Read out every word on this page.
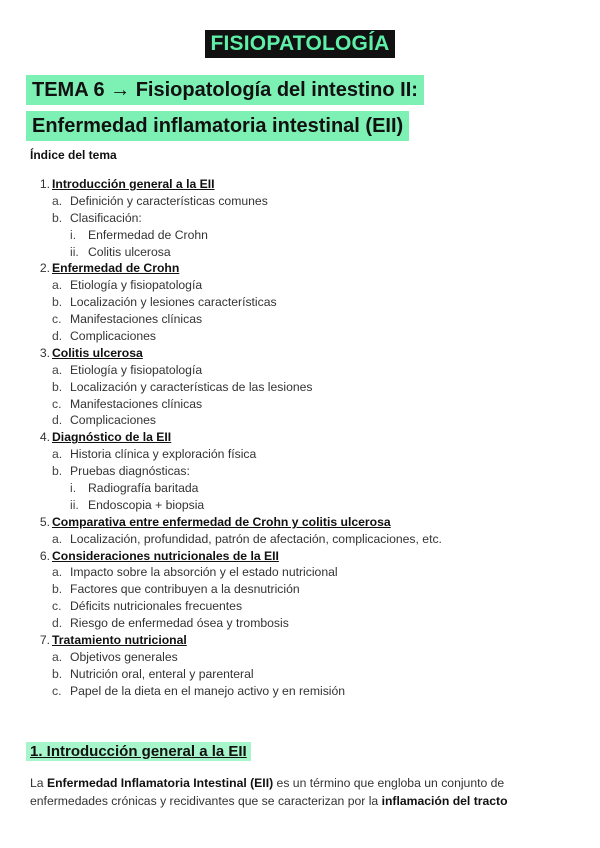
FISIOPATOLOGÍA
TEMA 6 → Fisiopatología del intestino II:
Enfermedad inflamatoria intestinal (EII)
Índice del tema
1. Introducción general a la EII
a. Definición y características comunes
b. Clasificación:
i. Enfermedad de Crohn
ii. Colitis ulcerosa
2. Enfermedad de Crohn
a. Etiología y fisiopatología
b. Localización y lesiones características
c. Manifestaciones clínicas
d. Complicaciones
3. Colitis ulcerosa
a. Etiología y fisiopatología
b. Localización y características de las lesiones
c. Manifestaciones clínicas
d. Complicaciones
4. Diagnóstico de la EII
a. Historia clínica y exploración física
b. Pruebas diagnósticas:
i. Radiografía baritada
ii. Endoscopia + biopsia
5. Comparativa entre enfermedad de Crohn y colitis ulcerosa
a. Localización, profundidad, patrón de afectación, complicaciones, etc.
6. Consideraciones nutricionales de la EII
a. Impacto sobre la absorción y el estado nutricional
b. Factores que contribuyen a la desnutrición
c. Déficits nutricionales frecuentes
d. Riesgo de enfermedad ósea y trombosis
7. Tratamiento nutricional
a. Objetivos generales
b. Nutrición oral, enteral y parenteral
c. Papel de la dieta en el manejo activo y en remisión
1. Introducción general a la EII
La Enfermedad Inflamatoria Intestinal (EII) es un término que engloba un conjunto de enfermedades crónicas y recidivantes que se caracterizan por la inflamación del tracto
